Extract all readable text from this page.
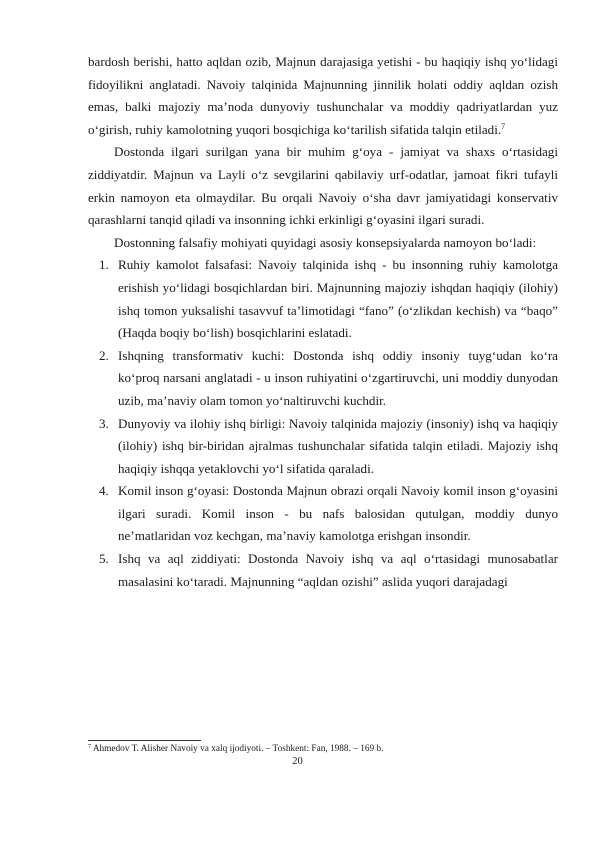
bardosh berishi, hatto aqldan ozib, Majnun darajasiga yetishi - bu haqiqiy ishq yo‘lidagi fidoyilikni anglatadi. Navoiy talqinida Majnunning jinnilik holati oddiy aqldan ozish emas, balki majoziy ma’noda dunyoviy tushunchalar va moddiy qadriyatlardan yuz o‘girish, ruhiy kamolotning yuqori bosqichiga ko‘tarilish sifatida talqin etiladi.$^7$

Dostonda ilgari surilgan yana bir muhim g‘oya - jamiyat va shaxs o‘rtasidagi ziddiyatdir. Majnun va Layli o‘z sevgilarini qabilaviy urf-odatlar, jamoat fikri tufayli erkin namoyon eta olmaydilar. Bu orqali Navoiy o‘sha davr jamiyatidagi konservativ qarashlarni tanqid qiladi va insonning ichki erkinligi g‘oyasini ilgari suradi.

Dostonning falsafiy mohiyati quyidagi asosiy konsepsiyalarda namoyon bo‘ladi:

1. Ruhiy kamolot falsafasi: Navoiy talqinida ishq - bu insonning ruhiy kamolotga erishish yo‘lidagi bosqichlardan biri. Majnunning majoziy ishqdan haqiqiy (ilohiy) ishq tomon yuksalishi tasavvuf ta’limotidagi “fano” (o‘zlikdan kechish) va “baqo” (Haqda boqiy bo‘lish) bosqichlarini eslatadi.
2. Ishqning transformativ kuchi: Dostonda ishq oddiy insoniy tuyg‘udan ko‘ra ko‘proq narsani anglatadi - u inson ruhiyatini o‘zgartiruvchi, uni moddiy dunyodan uzib, ma’naviy olam tomon yo‘naltiruvchi kuchdir.
3. Dunyoviy va ilohiy ishq birligi: Navoiy talqinida majoziy (insoniy) ishq va haqiqiy (ilohiy) ishq bir-biridan ajralmas tushunchalar sifatida talqin etiladi. Majoziy ishq haqiqiy ishqqa yetaklovchi yo‘l sifatida qaraladi.
4. Komil inson g‘oyasi: Dostonda Majnun obrazi orqali Navoiy komil inson g‘oyasini ilgari suradi. Komil inson - bu nafs balosidan qutulgan, moddiy dunyo ne’matlaridan voz kechgan, ma’naviy kamolotga erishgan insondir.
5. Ishq va aql ziddiyati: Dostonda Navoiy ishq va aql o‘rtasidagi munosabatlar masalasini ko‘taradi. Majnunning “aqldan ozishi” aslida yuqori darajadagi
$^7$ Ahmedov T. Alisher Navoiy va xalq ijodiyoti. – Toshkent: Fan, 1988. – 169 b.
20
